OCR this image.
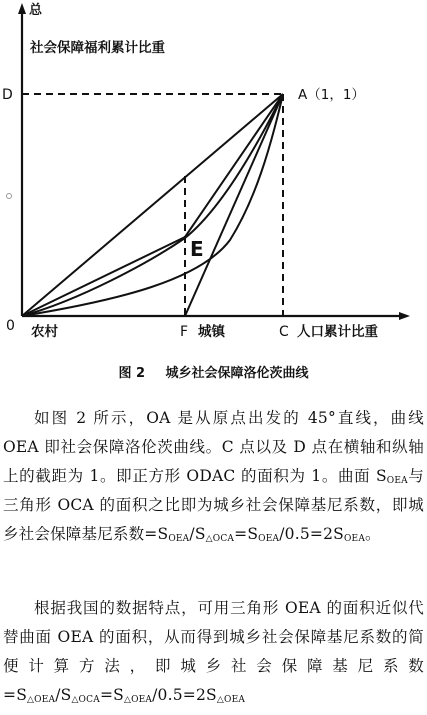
总
社会保障福利累计比重
D	A（1，1）
E
0 农村	F 城镇	C 人口累计比重
图 2 城乡社会保障洛伦茨曲线
如图 2 所示，OA 是从原点出发的 45°直线，曲线 OEA 即社会保障洛伦茨曲线。C 点以及 D 点在横轴和纵轴上的截距为 1。即正方形 ODAC 的面积为 1。曲面 $S_{OEA}$与三角形 OCA 的面积之比即为城乡社会保障基尼系数，即城乡社会保障基尼系数$=S_{OEA}/S_{\triangle OCA}=S_{OEA}/0.5=2S_{OEA}$。
根据我国的数据特点，可用三角形 OEA 的面积近似代替曲面 OEA 的面积，从而得到城乡社会保障基尼系数的简便计算方法，即城乡社会保障基尼系数$=S_{\triangle OEA}/S_{\triangle OCA}=S_{\triangle OEA}/0.5=2S_{\triangle OEA}$
